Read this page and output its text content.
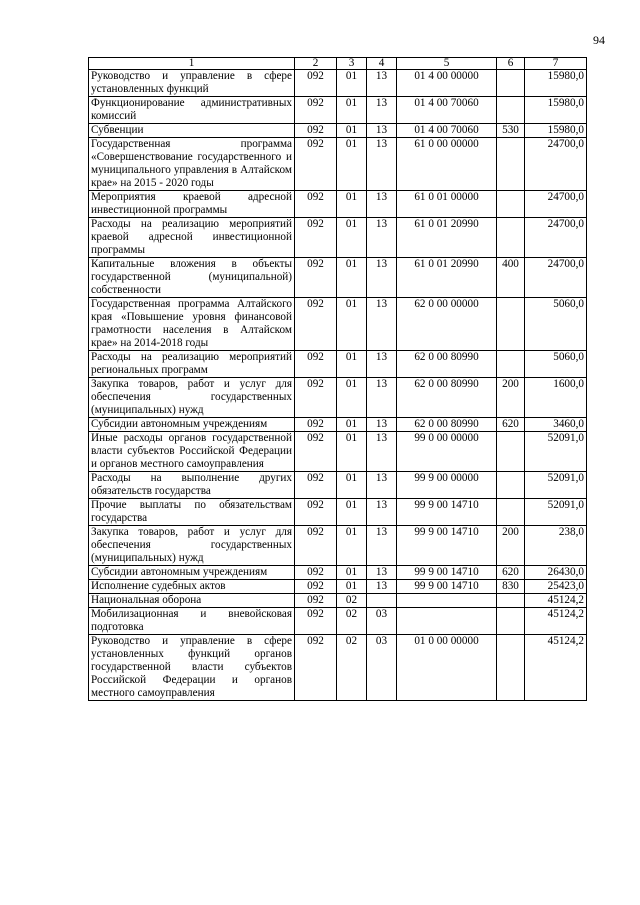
94
1	2	3	4	5	6	7
Руководство и управление в сфере установленных функций	092	01	13	01 4 00 00000		15980,0
Функционирование административных комиссий	092	01	13	01 4 00 70060		15980,0
Субвенции	092	01	13	01 4 00 70060	530	15980,0
Государственная программа «Совершенствование государственного и муниципального управления в Алтайском крае» на 2015 - 2020 годы	092	01	13	61 0 00 00000		24700,0
Мероприятия краевой адресной инвестиционной программы	092	01	13	61 0 01 00000		24700,0
Расходы на реализацию мероприятий краевой адресной инвестиционной программы	092	01	13	61 0 01 20990		24700,0
Капитальные вложения в объекты государственной (муниципальной) собственности	092	01	13	61 0 01 20990	400	24700,0
Государственная программа Алтайского края «Повышение уровня финансовой грамотности населения в Алтайском крае» на 2014-2018 годы	092	01	13	62 0 00 00000		5060,0
Расходы на реализацию мероприятий региональных программ	092	01	13	62 0 00 80990		5060,0
Закупка товаров, работ и услуг для обеспечения государственных (муниципальных) нужд	092	01	13	62 0 00 80990	200	1600,0
Субсидии автономным учреждениям	092	01	13	62 0 00 80990	620	3460,0
Иные расходы органов государственной власти субъектов Российской Федерации и органов местного самоуправления	092	01	13	99 0 00 00000		52091,0
Расходы на выполнение других обязательств государства	092	01	13	99 9 00 00000		52091,0
Прочие выплаты по обязательствам государства	092	01	13	99 9 00 14710		52091,0
Закупка товаров, работ и услуг для обеспечения государственных (муниципальных) нужд	092	01	13	99 9 00 14710	200	238,0
Субсидии автономным учреждениям	092	01	13	99 9 00 14710	620	26430,0
Исполнение судебных актов	092	01	13	99 9 00 14710	830	25423,0
Национальная оборона	092	02				45124,2
Мобилизационная и вневойсковая подготовка	092	02	03			45124,2
Руководство и управление в сфере установленных функций органов государственной власти субъектов Российской Федерации и органов местного самоуправления	092	02	03	01 0 00 00000		45124,2
